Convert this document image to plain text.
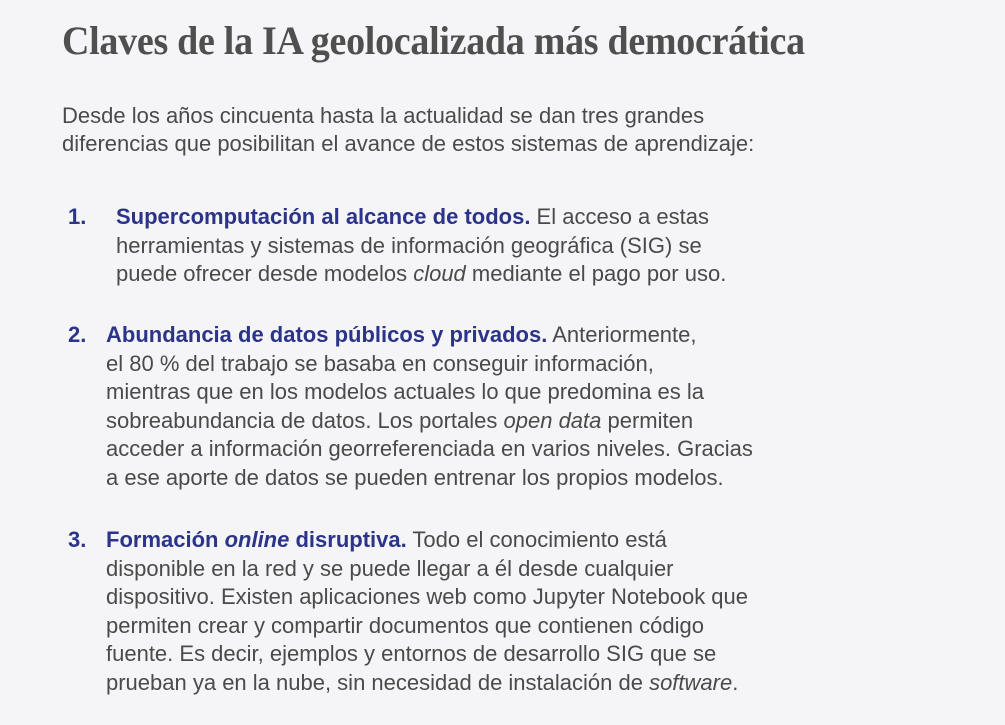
Claves de la IA geolocalizada más democrática

Desde los años cincuenta hasta la actualidad se dan tres grandes
diferencias que posibilitan el avance de estos sistemas de aprendizaje:

1. Supercomputación al alcance de todos. El acceso a estas
herramientas y sistemas de información geográfica (SIG) se
puede ofrecer desde modelos cloud mediante el pago por uso.

2. Abundancia de datos públicos y privados. Anteriormente,
el 80 % del trabajo se basaba en conseguir información,
mientras que en los modelos actuales lo que predomina es la
sobreabundancia de datos. Los portales open data permiten
acceder a información georreferenciada en varios niveles. Gracias
a ese aporte de datos se pueden entrenar los propios modelos.

3. Formación online disruptiva. Todo el conocimiento está
disponible en la red y se puede llegar a él desde cualquier
dispositivo. Existen aplicaciones web como Jupyter Notebook que
permiten crear y compartir documentos que contienen código
fuente. Es decir, ejemplos y entornos de desarrollo SIG que se
prueban ya en la nube, sin necesidad de instalación de software.
